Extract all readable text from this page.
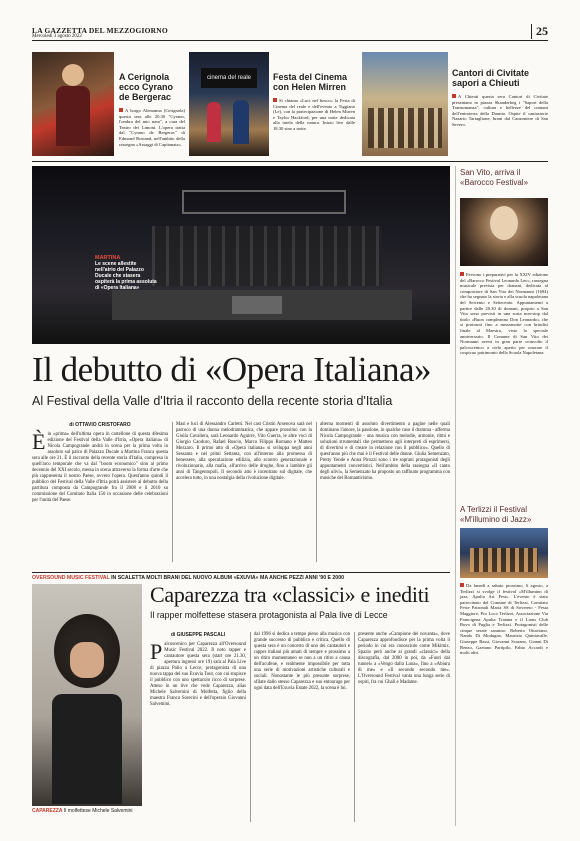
LA GAZZETTA DEL MEZZOGIORNO
Mercoledì 3 agosto 2022	25
A Cerignola ecco Cyrano de Bergerac
A borgo Alemanna (Cerignola) questa sera alle 20.30 "Cyrano, l'ombra del mio naso", a cura del Teatro dei Limoni. L'opera tratta dal "Cyrano de Bergerac" di Edmond Rostand, nell'ambito della rassegna «Assaggi di Capitanata».
cinema del reale	Festa del Cinema con Helen Mirren
Si chiama «Luci nel bosco» la Festa di Cinema del reale e dell'evento a Tiggiano (Le), con la partecipazione di Helen Mirren e Taylor Hackford, per una notte dedicata alla tutela della natura. Inizio live dalle 18.30 sino a notte.
Cantori di Civitate sapori a Chieuti
A Chieuti questa sera Cantori di Civitate presentano in piazza Skanderbeg i "Sapori della Transumanza", cultura e bellezze del comuni dell'entroterra della Daunia. Ospite il cantastorie Nazario Tartaglione, brani dal Canzoniere di San Severo.
MARTINA
Le scene allestite nell'atrio del Palazzo Ducale che stasera ospiterà la prima assoluta di «Opera Italiana»
Il debutto di «Opera Italiana»
Al Festival della Valle d'Itria il racconto della recente storia d'Italia
di OTTAVIO CRISTOFARO
Èin «prima» dell'ultima opera in cartellone di questa 48esima edizione del Festival della Valle d'Itria, «Opera italiana» di Nicola Campogrande andrà in scena per la prima volta in assoluto sul palco di Palazzo Ducale a Martina Franca questa sera alle ore 21. È il racconto della recente storia d'Italia, compresa in quell'arco temporale che va dal "boom economico" sino al primo decennio del XXI secolo, messa in scena attraverso la forma d'arte che più rappresenta il nostro Paese, ovvero l'opera. Quest'anno quindi il pubblico del Festival della Valle d'Itria potrà assistere al debutto della partitura composta da Campogrande fra il 2008 e il 2010 su commissione del Comitato Italia 150 in occasione delle celebrazioni per l'unità del Paese.
Masi e luci di Alessandro Carletti. Nel cast Cristin Arsenova sarà nel parroco di una donna melodrammatica, che appare prossimo con la Giulia Cavaliera, sarà Leonardo Aguirre, Vito Guerra, le altre voci di Giorgio Caoduro, Rafael Ruscio, Marco Filippo Romano e Matteo Mezzaro. Il primo atto di «Opera italiana» si sviluppa negli anni Sessanta e nei primi Settanta, con all'interno alla promessa di benessere, alla speculazione edilizia, allo scontro generazionale e rivoluzionario, alla mafia, all'arrivo delle droghe, fino a lambire gli anni di Tangentopoli. Il secondo atto è incentrato sul digitale, che accelera tutto, in una nostalgia della rivoluzione digitale.
alterna momenti di assoluto divertimento a pagine nelle quali dominano l'amore, la passione, in qualche caso il dramma - afferma Nicola Campogrande - una musica con melodie, armonie, ritmi e soluzioni strumentali che permettono agli interpreti di esprimersi, di divertirsi e di creare in relazione con il pubblico». Quello di quest'anno più che mai è il Festival delle donne. Giulia Semenzato, Pretty Yende e Anna Pirozzi sono i tre soprani protagonisti degli appuntamenti concertistici. Nell'ambito della rassegna «Il canto degli ulivi», la Semenzato ha proposto un raffinato programma con musiche del Romanticismo.
San Vito, arriva il «Barocco Festival»
Fervono i preparativi per la XXIV edizione del «Barocco Festival Leonardo Leo», rassegna musicale prevista per domani, dedicata al compositore di San Vito dei Normanni (1694) che ha segnato la storia e alla scuola napoletana del Seicento e Settecento. Appuntamenti a partire dalle 20.30 di domani, proprio a San Vito sono previsti in una sorta non-stop dal titolo «Buon compleanno Don Leonardo» che si protrarrà fino a mezzanotte con brindisi finale al Maestro, visto lo speciale anniversario. Il Comune di San Vito dei Normanni aveva in gran parte coinvolto il palcoscenico a cielo aperto per onorare il cospicuo patrimonio della Scuola Napoletana.
A Terlizzi il Festival «M'illumino di Jazz»
Da lunedì a sabato prossimo, 6 agosto, a Terlizzi si svolge il festival «M'illumino di jazz, Apulia Art Fest». L'evento è stato patrocinato dal Comune di Terlizzi, Comitato Feste Patronali Maria SS di Sovereto - Festa Maggiore, Pro Loco Terlizzi, Associazione Via Francigena Apulia Traiana e il Lions Club Ruvo di Puglia e Terlizzi. Protagonisti delle cinque serate saranno: Roberto Ottaviano, Nando Di Modugno, Maurizio Quintavalle, Giuseppe Bassi, Giovanni Scarano, Gianni Di Renzo, Gaetano Partipilo, Fabio Accardi e molti altri.
OVERSOUND MUSIC FESTIVAL IN SCALETTA MOLTI BRANI DEL NUOVO ALBUM «EXUVIA» MA ANCHE PEZZI ANNI '90 E 2000
CAPAREZZA Il molfettese Michele Salvemini
Caparezza tra «classici» e inediti
Il rapper molfettese stasera protagonista al Pala live di Lecce
di GIUSEPPE PASCALI
Palcoscenico per Caparezza all'Oversound Music Festival 2022. Il noto rapper e cantautore questa sera (start ore 21.30, apertura ingressi ore 19) sarà al Pala Live di piazza Palio a Lecce, protagonista di una nuova tappa del suo Exuvia Tour, con cui stupisce il pubblico con uno spettacolo ricco di sorprese. Atteso in un live che vede Caparezza, alias Michele Salvemini di Molfetta, figlio della maestra Franca Sorecini e dell'operaio Giovanni Salvemini.
dal 1996 si dedica a tempo pieno alla musica con grande successo di pubblico e critica. Quello di questa sera è un concerto di uno dei cantautori e rapper italiani più amati di sempre e prossimo a un ritiro momentaneo se non a un ritiro a causa dell'acufene, e realmente impossibile per tutta una serie di motivazioni artistiche culturali e sociali. Nonostante le più presunte sorprese, sfilate dallo stesso Caparezza e suo entourage per ogni data dell'Exuvia Estate 2022, la scena è lui.
presente anche «Campione dei novanta», dove Caparezza approfondisce per la prima volta il periodo in cui era conosciuto come Mikimix. Spazio però anche ai grandi «classici» della discografia, dal 2000 in poi, da «Fuori dal tunnel» a «Vengo dalla Luna», fino a «Abiura di me» e «Il secondo secondo me». L'Oversound Festival vanta una lunga serie di ospiti, fra cui Ghali e Madame.
